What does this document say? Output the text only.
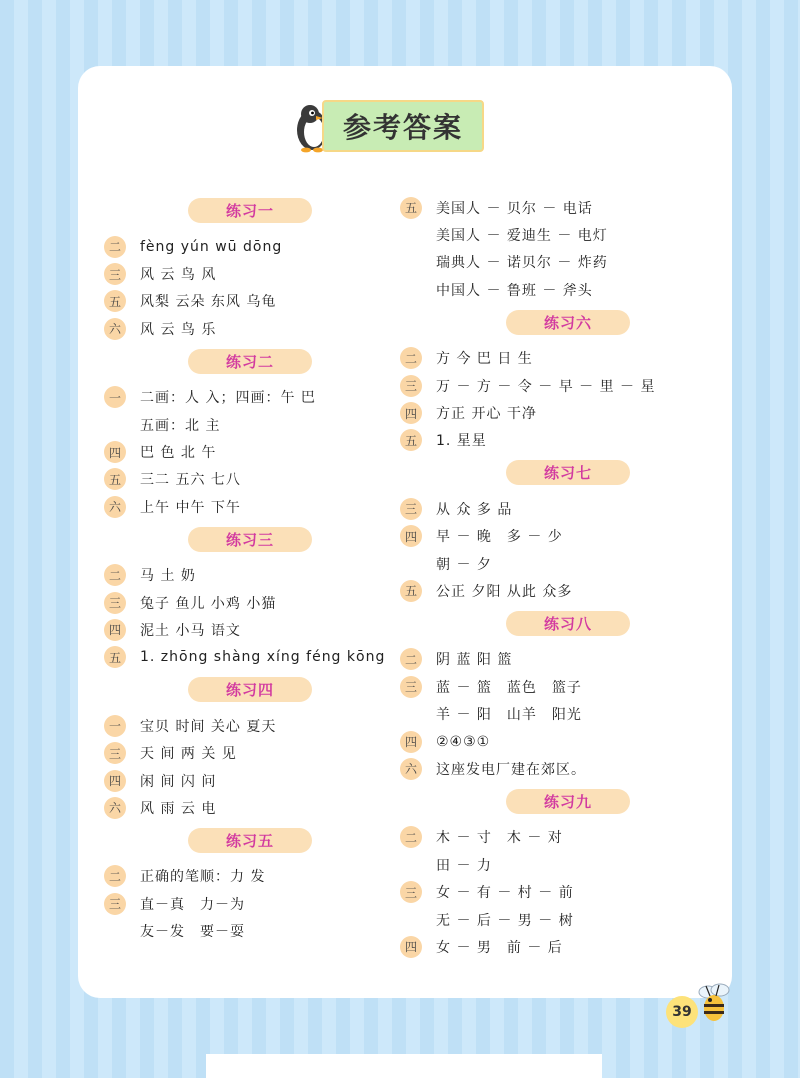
参考答案
练习一
二	fèng yún wū dōng
三	风 云 鸟 风
五	风梨 云朵 东风 乌龟
六	风 云 鸟 乐
练习二
一	二画：人 入；四画：午 巴
五画：北 主
四	巴 色 北 午
五	三二 五六 七八
六	上午 中午 下午
练习三
二	马 土 奶
三	兔子 鱼儿 小鸡 小猫
四	泥土 小马 语文
五	1. zhōng shàng xíng féng kōng
练习四
一	宝贝 时间 关心 夏天
三	天 间 两 关 见
四	闲 间 闪 问
六	风 雨 云 电
练习五
二	正确的笔顺：力 发
三	直－真　力－为
友－发　要－耍
五	美国人 － 贝尔 － 电话
美国人 － 爱迪生 － 电灯
瑞典人 － 诺贝尔 － 炸药
中国人 － 鲁班 － 斧头
练习六
二	方 今 巴 日 生
三	万 － 方 － 令 － 早 － 里 － 星
四	方正 开心 干净
五	1. 星星
练习七
三	从 众 多 品
四	早 － 晚　多 － 少
朝 － 夕
五	公正 夕阳 从此 众多
练习八
二	阴 蓝 阳 篮
三	蓝 － 篮　蓝色　篮子
羊 － 阳　山羊　阳光
四	②④③①
六	这座发电厂建在郊区。
练习九
二	木 － 寸　木 － 对
田 － 力
三	女 － 有 － 村 － 前
无 － 后 － 男 － 树
四	女 － 男　前 － 后
39
